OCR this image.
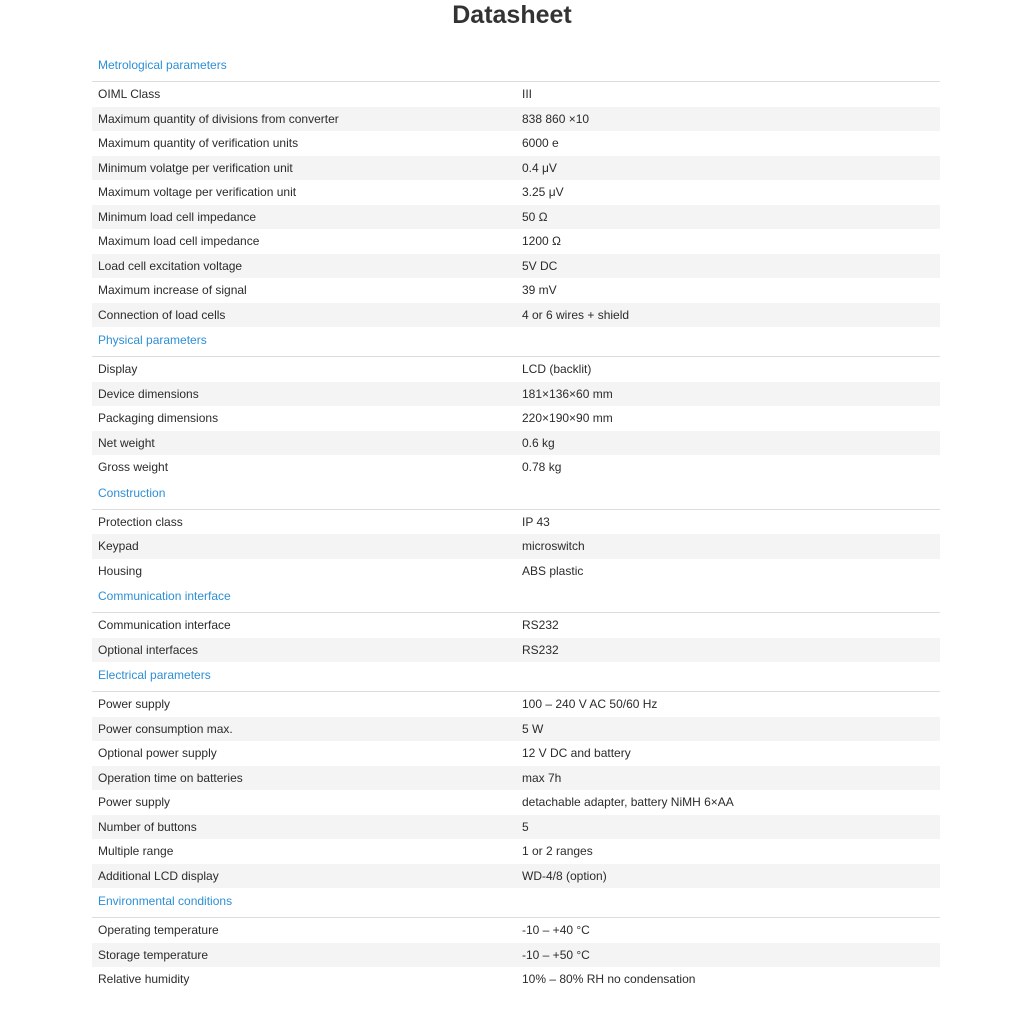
Datasheet
Metrological parameters
OIML Class	III
Maximum quantity of divisions from converter	838 860 ×10
Maximum quantity of verification units	6000 e
Minimum volatge per verification unit	0.4 μV
Maximum voltage per verification unit	3.25 μV
Minimum load cell impedance	50 Ω
Maximum load cell impedance	1200 Ω
Load cell excitation voltage	5V DC
Maximum increase of signal	39 mV
Connection of load cells	4 or 6 wires + shield
Physical parameters
Display	LCD (backlit)
Device dimensions	181×136×60 mm
Packaging dimensions	220×190×90 mm
Net weight	0.6 kg
Gross weight	0.78 kg
Construction
Protection class	IP 43
Keypad	microswitch
Housing	ABS plastic
Communication interface
Communication interface	RS232
Optional interfaces	RS232
Electrical parameters
Power supply	100 – 240 V AC 50/60 Hz
Power consumption max.	5 W
Optional power supply	12 V DC and battery
Operation time on batteries	max 7h
Power supply	detachable adapter, battery NiMH 6×AA
Number of buttons	5
Multiple range	1 or 2 ranges
Additional LCD display	WD-4/8 (option)
Environmental conditions
Operating temperature	-10 – +40 °C
Storage temperature	-10 – +50 °C
Relative humidity	10% – 80% RH no condensation
